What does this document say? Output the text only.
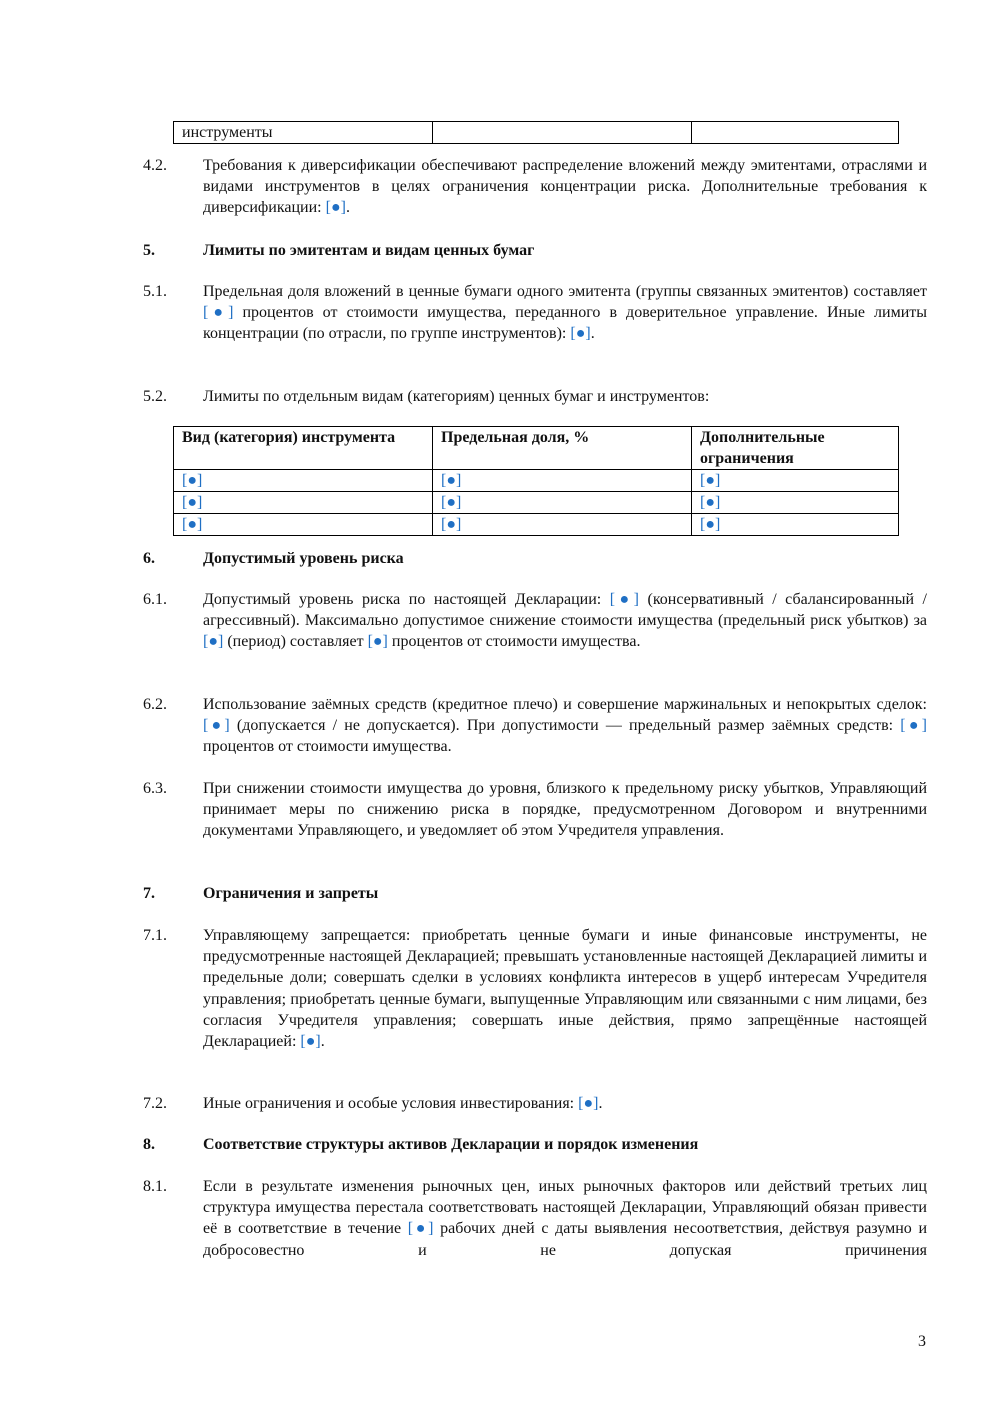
инструменты		
4.2. Требования к диверсификации обеспечивают распределение вложений между эмитентами, отраслями и видами инструментов в целях ограничения концентрации риска. Дополнительные требования к диверсификации: [●].
5.	Лимиты по эмитентам и видам ценных бумаг
5.1. Предельная доля вложений в ценные бумаги одного эмитента (группы связанных эмитентов) составляет [●] процентов от стоимости имущества, переданного в доверительное управление. Иные лимиты концентрации (по отрасли, по группе инструментов): [●].
5.2. Лимиты по отдельным видам (категориям) ценных бумаг и инструментов:
Вид (категория) инструмента	Предельная доля, %	Дополнительные ограничения
[●]	[●]	[●]
[●]	[●]	[●]
[●]	[●]	[●]
6.	Допустимый уровень риска
6.1. Допустимый уровень риска по настоящей Декларации: [●] (консервативный / сбалансированный / агрессивный). Максимально допустимое снижение стоимости имущества (предельный риск убытков) за [●] (период) составляет [●] процентов от стоимости имущества.
6.2. Использование заёмных средств (кредитное плечо) и совершение маржинальных и непокрытых сделок: [●] (допускается / не допускается). При допустимости — предельный размер заёмных средств: [●] процентов от стоимости имущества.
6.3. При снижении стоимости имущества до уровня, близкого к предельному риску убытков, Управляющий принимает меры по снижению риска в порядке, предусмотренном Договором и внутренними документами Управляющего, и уведомляет об этом Учредителя управления.
7.	Ограничения и запреты
7.1. Управляющему запрещается: приобретать ценные бумаги и иные финансовые инструменты, не предусмотренные настоящей Декларацией; превышать установленные настоящей Декларацией лимиты и предельные доли; совершать сделки в условиях конфликта интересов в ущерб интересам Учредителя управления; приобретать ценные бумаги, выпущенные Управляющим или связанными с ним лицами, без согласия Учредителя управления; совершать иные действия, прямо запрещённые настоящей Декларацией: [●].
7.2. Иные ограничения и особые условия инвестирования: [●].
8.	Соответствие структуры активов Декларации и порядок изменения
8.1. Если в результате изменения рыночных цен, иных рыночных факторов или действий третьих лиц структура имущества перестала соответствовать настоящей Декларации, Управляющий обязан привести её в соответствие в течение [●] рабочих дней с даты выявления несоответствия, действуя разумно и добросовестно и не допуская причинения
3
